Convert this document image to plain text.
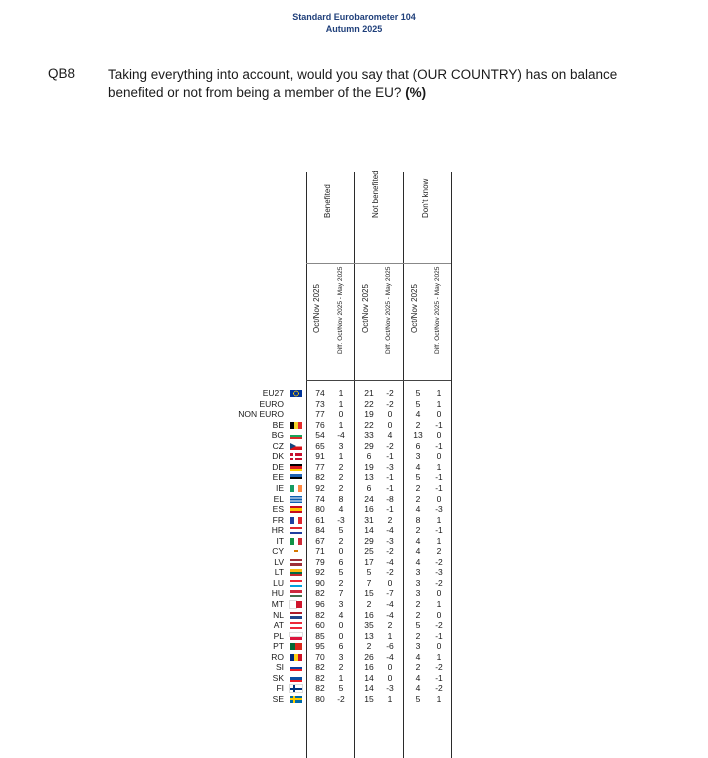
Standard Eurobarometer 104
Autumn 2025
QB8 Taking everything into account, would you say that (OUR COUNTRY) has on balance benefited or not from being a member of the EU? (%)
Benefited	Not benefited	Don't know
Oct/Nov 2025 Diff. Oct/Nov 2025 - May 2025 Oct/Nov 2025 Diff. Oct/Nov 2025 - May 2025 Oct/Nov 2025 Diff. Oct/Nov 2025 - May 2025
EU27	74	1	21	-2	5	1
EURO	73	1	22	-2	5	1
NON EURO	77	0	19	0	4	0
BE	76	1	22	0	2	-1
BG	54	-4	33	4	13	0
CZ	65	3	29	-2	6	-1
DK	91	1	6	-1	3	0
DE	77	2	19	-3	4	1
EE	82	2	13	-1	5	-1
IE	92	2	6	-1	2	-1
EL	74	8	24	-8	2	0
ES	80	4	16	-1	4	-3
FR	61	-3	31	2	8	1
HR	84	5	14	-4	2	-1
IT	67	2	29	-3	4	1
CY	71	0	25	-2	4	2
LV	79	6	17	-4	4	-2
LT	92	5	5	-2	3	-3
LU	90	2	7	0	3	-2
HU	82	7	15	-7	3	0
MT	96	3	2	-4	2	1
NL	82	4	16	-4	2	0
AT	60	0	35	2	5	-2
PL	85	0	13	1	2	-1
PT	95	6	2	-6	3	0
RO	70	3	26	-4	4	1
SI	82	2	16	0	2	-2
SK	82	1	14	0	4	-1
FI	82	5	14	-3	4	-2
SE	80	-2	15	1	5	1
